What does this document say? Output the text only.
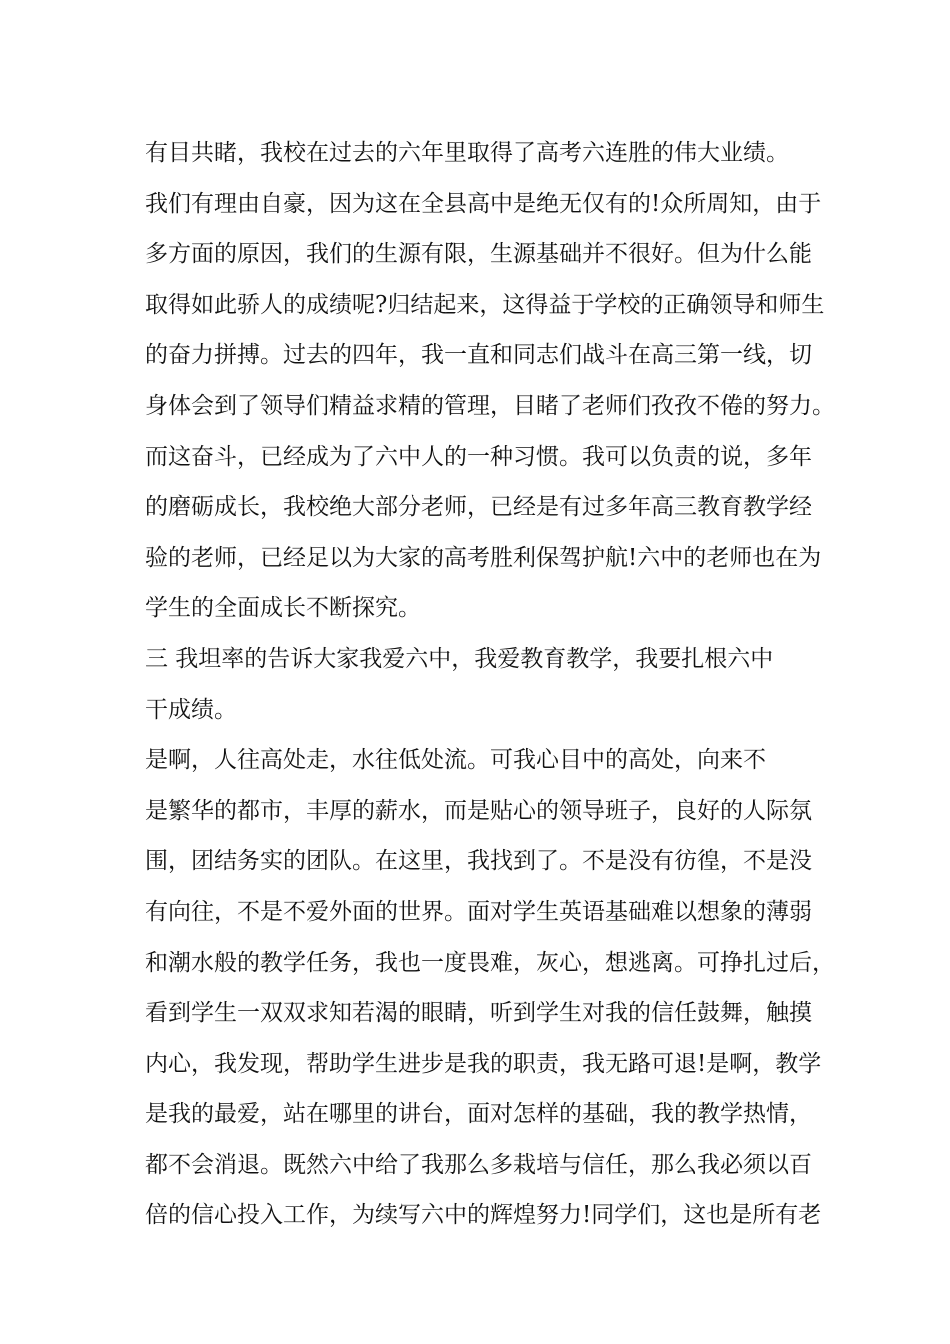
有目共睹，我校在过去的六年里取得了高考六连胜的伟大业绩。
我们有理由自豪，因为这在全县高中是绝无仅有的!众所周知，由于
多方面的原因，我们的生源有限，生源基础并不很好。但为什么能
取得如此骄人的成绩呢?归结起来，这得益于学校的正确领导和师生
的奋力拼搏。过去的四年，我一直和同志们战斗在高三第一线，切
身体会到了领导们精益求精的管理，目睹了老师们孜孜不倦的努力。
而这奋斗，已经成为了六中人的一种习惯。我可以负责的说，多年
的磨砺成长，我校绝大部分老师，已经是有过多年高三教育教学经
验的老师，已经足以为大家的高考胜利保驾护航!六中的老师也在为
学生的全面成长不断探究。
三 我坦率的告诉大家我爱六中，我爱教育教学，我要扎根六中
干成绩。
是啊，人往高处走，水往低处流。可我心目中的高处，向来不
是繁华的都市，丰厚的薪水，而是贴心的领导班子，良好的人际氛
围，团结务实的团队。在这里，我找到了。不是没有彷徨，不是没
有向往，不是不爱外面的世界。面对学生英语基础难以想象的薄弱
和潮水般的教学任务，我也一度畏难，灰心，想逃离。可挣扎过后，
看到学生一双双求知若渴的眼睛，听到学生对我的信任鼓舞，触摸
内心，我发现，帮助学生进步是我的职责，我无路可退!是啊，教学
是我的最爱，站在哪里的讲台，面对怎样的基础，我的教学热情，
都不会消退。既然六中给了我那么多栽培与信任，那么我必须以百
倍的信心投入工作，为续写六中的辉煌努力!同学们，这也是所有老
